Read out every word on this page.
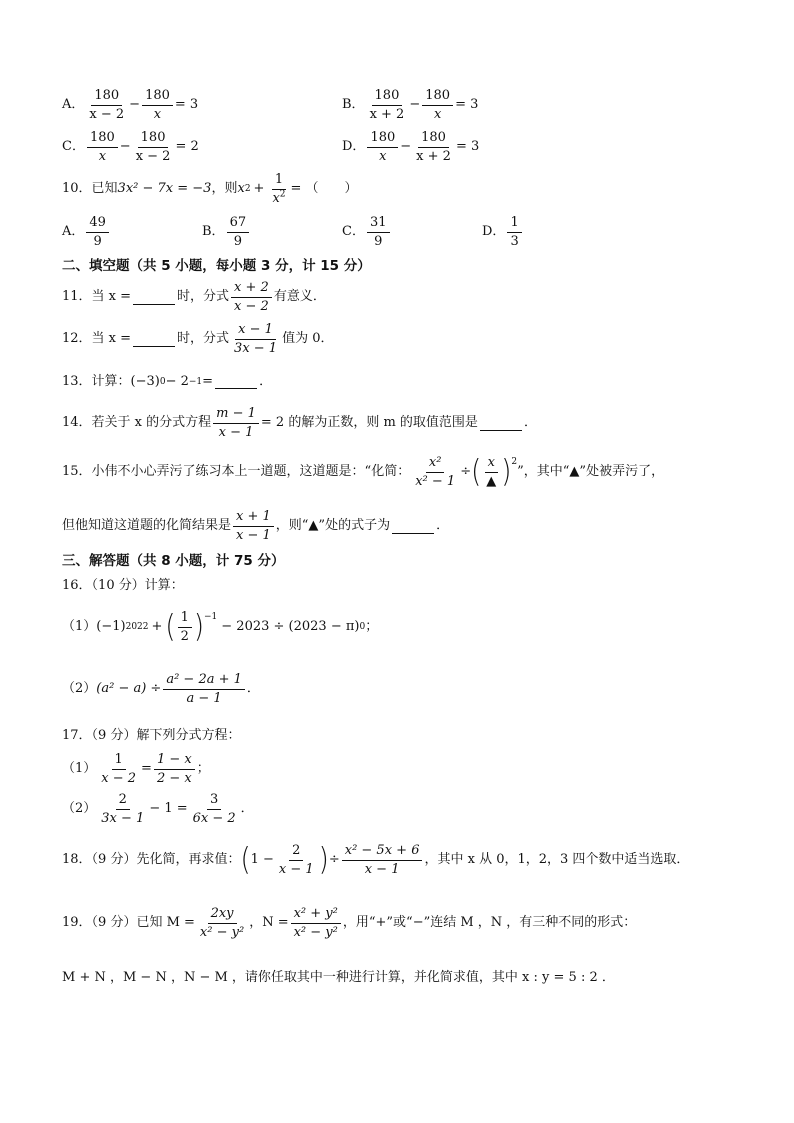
A． $\frac{180}{x - 2} - \frac{180}{x} = 3$	B． $\frac{180}{x + 2} - \frac{180}{x} = 3$
C． $\frac{180}{x} - \frac{180}{x - 2} = 2$	D． $\frac{180}{x} - \frac{180}{x + 2} = 3$
10．已知 3x² − 7x = −3 ，则 x $2 + \frac{1}{x^2}$ = （　　）
A． $\frac{49}{9}$	B． $\frac{67}{9}$	C． $\frac{31}{9}$	D． $\frac{1}{3}$
二、填空题（共 5 小题，每小题 3 分，计 15 分）
11．当 x =	时，分式 $\frac{x + 2}{x - 2}$ 有意义．
12．当 x =	时，分式 $\frac{x - 1}{3x - 1}$ 值为 0．
13．计算： (−3) 0 − 2 −1 =	．
14．若关于 x 的分式方程 $\frac{m - 1}{x - 1} = 2$ 的解为正数，则 m 的取值范围是	．
15．小伟不小心弄污了练习本上一道题，这道题是：“化简： $\frac{\text{x²}}{\text{x² − 1}}$ ÷ ( $\frac{x}{▲} )^2$
”，其中“▲”处被弄污了，
但他知道这道题的化简结果是 $\frac{x + 1}{x - 1}$ ，则“▲”处的式子为	．
三、解答题（共 8 小题，计 75 分）
16．（10 分）计算：
（1） (−1) 2022 + ( $\frac{1}{2} )^{-1}$
− 2023 ÷ (2023 − π) 0 ；
（2） $(a^2 - a) \div \frac{\text{a² − 2a + 1}}{a - 1}$ ．
17．（9 分）解下列分式方程：
$(1) \frac{1}{x - 2} = \frac{1 - x}{2 - x}$ ；
$(2) \frac{2}{3x - 1} - 1 = \frac{3}{6x - 2}$ ．
18．（9 分）先化简，再求值： ( $1 - \frac{2}{x - 1}$ ) ÷ $\frac{\text{x² − 5x + 6}}{x - 1}$ ，其中 x 从 0，1，2，3 四个数中适当选取．
19．（9 分）已知 $M = \frac{2xy}{\text{x² − y²}}$ ，$N = \frac{\text{x² + y²}}{\text{x² − y²}}$ ，用“+”或“−”连结 M ，N ，有三种不同的形式：
M + N ，M − N ，N − M ，请你任取其中一种进行计算，并化简求值，其中 x : y = 5 : 2 ．
